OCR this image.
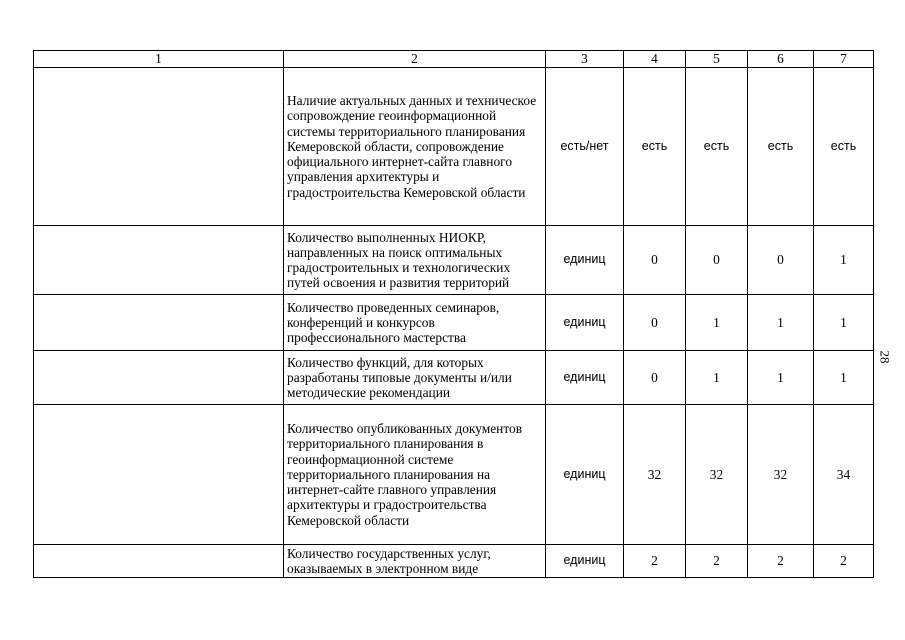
1	2	3	4	5	6	7
	Наличие актуальных данных и техническое сопровождение геоинформационной системы территориального планирования Кемеровской области, сопровождение официального интернет-сайта главного управления архитектуры и градостроительства Кемеровской области	есть/нет	есть	есть	есть	есть
	Количество выполненных НИОКР, направленных на поиск оптимальных градостроительных и технологических путей освоения и развития территорий	единиц	0	0	0	1
	Количество проведенных семинаров, конференций и конкурсов профессионального мастерства	единиц	0	1	1	1
	Количество функций, для которых разработаны типовые документы и/или методические рекомендации	единиц	0	1	1	1
	Количество опубликованных документов территориального планирования в геоинформационной системе территориального планирования на интернет-сайте главного управления архитектуры и градостроительства Кемеровской области	единиц	32	32	32	34
	Количество государственных услуг, оказываемых в электронном виде	единиц	2	2	2	2
28
